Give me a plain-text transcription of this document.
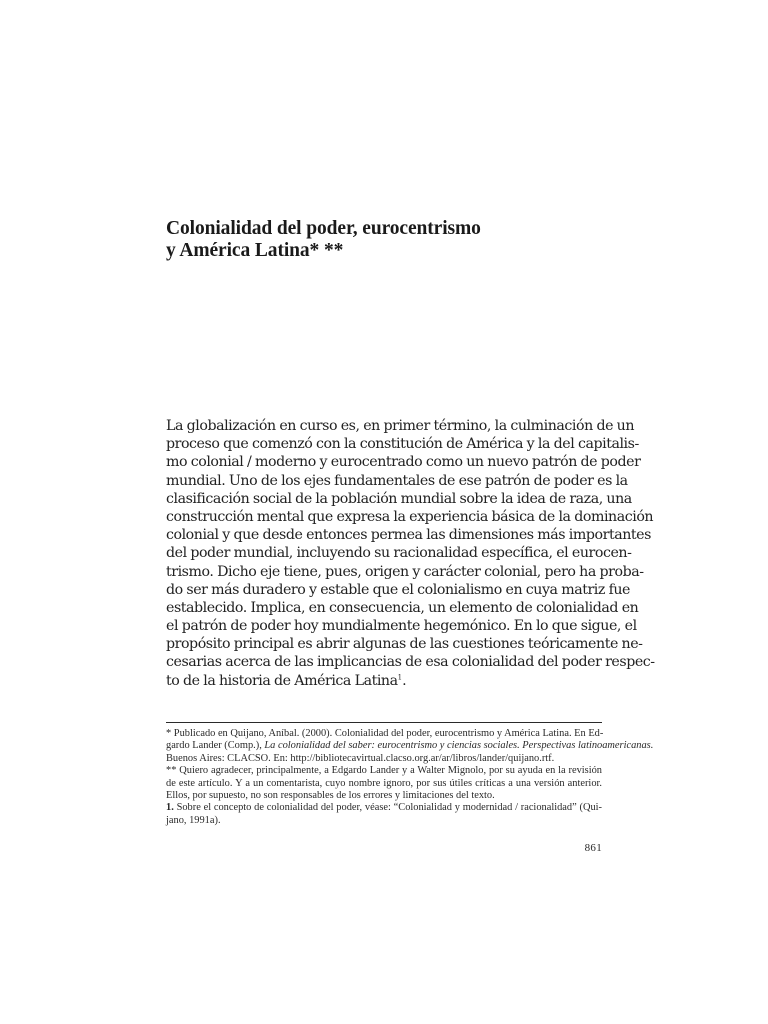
Colonialidad del poder, eurocentrismo
y América Latina* **
La globalización en curso es, en primer término, la culminación de un
proceso que comenzó con la constitución de América y la del capitalis-
mo colonial / moderno y eurocentrado como un nuevo patrón de poder
mundial. Uno de los ejes fundamentales de ese patrón de poder es la
clasificación social de la población mundial sobre la idea de raza, una
construcción mental que expresa la experiencia básica de la dominación
colonial y que desde entonces permea las dimensiones más importantes
del poder mundial, incluyendo su racionalidad específica, el eurocen-
trismo. Dicho eje tiene, pues, origen y carácter colonial, pero ha proba-
do ser más duradero y estable que el colonialismo en cuya matriz fue
establecido. Implica, en consecuencia, un elemento de colonialidad en
el patrón de poder hoy mundialmente hegemónico. En lo que sigue, el
propósito principal es abrir algunas de las cuestiones teóricamente ne-
cesarias acerca de las implicancias de esa colonialidad del poder respec-
to de la historia de América Latina$^1$.
* Publicado en Quijano, Aníbal. (2000). Colonialidad del poder, eurocentrismo y América Latina. En Ed-
gardo Lander (Comp.), La colonialidad del saber: eurocentrismo y ciencias sociales. Perspectivas latinoamericanas.
Buenos Aires: CLACSO. En: http://bibliotecavirtual.clacso.org.ar/ar/libros/lander/quijano.rtf.
** Quiero agradecer, principalmente, a Edgardo Lander y a Walter Mignolo, por su ayuda en la revisión
de este artículo. Y a un comentarista, cuyo nombre ignoro, por sus útiles críticas a una versión anterior.
Ellos, por supuesto, no son responsables de los errores y limitaciones del texto.
1. Sobre el concepto de colonialidad del poder, véase: “Colonialidad y modernidad / racionalidad” (Qui-
jano, 1991a).
861
